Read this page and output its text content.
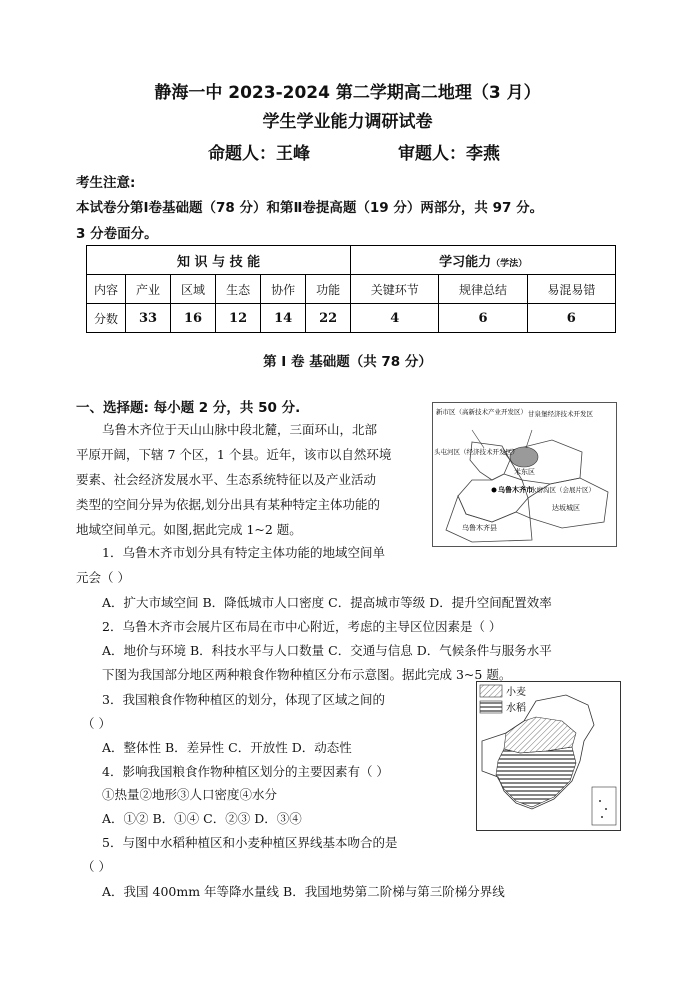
静海一中 2023-2024 第二学期高二地理（3 月）
学生学业能力调研试卷
命题人：王峰	审题人：李燕
考生注意:
本试卷分第Ⅰ卷基础题（78 分）和第Ⅱ卷提高题（19 分）两部分，共 97 分。
3 分卷面分。
知 识 与 技 能						学习能力（学法）		
内容	产业	区域	生态	协作	功能	关键环节	规律总结	易混易错
分数	33	16	12	14	22	4	6	6
第 I 卷 基础题（共 78 分）
一、选择题: 每小题 2 分，共 50 分.
乌鲁木齐位于天山山脉中段北麓，三面环山，北部
平原开阔，下辖 7 个区，1 个县。近年，该市以自然环境
要素、社会经济发展水平、生态系统特征以及产业活动
类型的空间分异为依据,划分出具有某种特定主体功能的
地域空间单元。如图,据此完成 1~2 题。
新市区（高新技术产业开发区） 甘泉堡经济技术开发区
头屯河区（经济技术开发区）
米东区
水磨沟区（会展片区）
乌鲁木齐市
达坂城区
乌鲁木齐县
1．乌鲁木齐市划分具有特定主体功能的地域空间单
元会（ ）
A．扩大市域空间 B．降低城市人口密度 C．提高城市等级 D．提升空间配置效率
2．乌鲁木齐市会展片区布局在市中心附近，考虑的主导区位因素是（ ）
A．地价与环境 B．科技水平与人口数量 C．交通与信息 D．气候条件与服务水平
下图为我国部分地区两种粮食作物种植区分布示意图。据此完成 3~5 题。
3．我国粮食作物种植区的划分，体现了区域之间的
（ ）
A．整体性 B．差异性 C．开放性 D．动态性
4．影响我国粮食作物种植区划分的主要因素有（ ）
①热量②地形③人口密度④水分
A．①② B．①④ C．②③ D．③④
5．与图中水稻种植区和小麦种植区界线基本吻合的是
（ ）
A．我国 400mm 年等降水量线 B．我国地势第二阶梯与第三阶梯分界线
小麦
水稻
